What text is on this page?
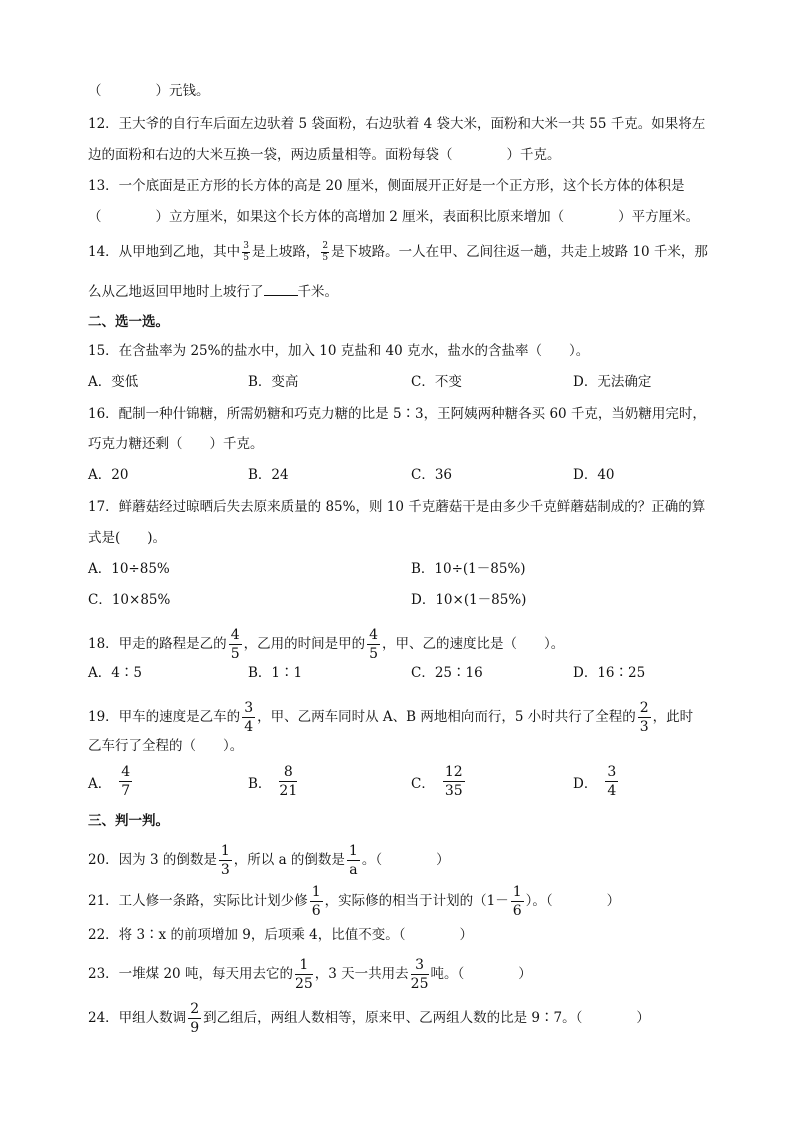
（　　　　）元钱。
12．王大爷的自行车后面左边驮着 5 袋面粉，右边驮着 4 袋大米，面粉和大米一共 55 千克。如果将左
边的面粉和右边的大米互换一袋，两边质量相等。面粉每袋（　　　　）千克。
13．一个底面是正方形的长方体的高是 20 厘米，侧面展开正好是一个正方形，这个长方体的体积是
（　　　　）立方厘米，如果这个长方体的高增加 2 厘米，表面积比原来增加（　　　　）平方厘米。
14．从甲地到乙地，其中 $\frac{3}{5}$ 是上坡路， $\frac{2}{5}$ 是下坡路。一人在甲、乙间往返一趟，共走上坡路 10 千米，那
么从乙地返回甲地时上坡行了	千米。
二、选一选。
15．在含盐率为 25%的盐水中，加入 10 克盐和 40 克水，盐水的含盐率（　　）。
A．变低	B．变高	C．不变	D．无法确定
16．配制一种什锦糖，所需奶糖和巧克力糖的比是 5∶3，王阿姨两种糖各买 60 千克，当奶糖用完时，
巧克力糖还剩（　　）千克。
A．20	B．24	C．36	D．40
17．鲜蘑菇经过晾晒后失去原来质量的 85%，则 10 千克蘑菇干是由多少千克鲜蘑菇制成的？正确的算
式是(　　)。
A．10÷85%	B．10÷(1－85%)
C．10×85%	D．10×(1－85%)
18．甲走的路程是乙的 $\frac{4}{5}$ ，乙用的时间是甲的 $\frac{4}{5}$ ，甲、乙的速度比是（　　）。
A．4∶5	B．1∶1	C．25∶16	D．16∶25
19．甲车的速度是乙车的 $\frac{3}{4}$ ，甲、乙两车同时从 A、B 两地相向而行，5 小时共行了全程的 $\frac{2}{3}$ ，此时
乙车行了全程的（　　）。
A． $\frac{4}{7}$	B． $\frac{8}{21}$	C． $\frac{12}{35}$	D． $\frac{3}{4}$
三、判一判。
20．因为 3 的倒数是 $\frac{1}{3}$ ，所以 a 的倒数是 $\frac{1}{a}$ 。（　　　　）
21．工人修一条路，实际比计划少修 $\frac{1}{6}$ ，实际修的相当于计划的（$1- \frac{1}{6}$ ）。（　　　　）
22．将 3∶x 的前项增加 9，后项乘 4，比值不变。（　　　　）
23．一堆煤 20 吨，每天用去它的 $\frac{1}{25}$ ，3 天一共用去 $\frac{3}{25}$ 吨。（　　　　）
24．甲组人数调 $\frac{2}{9}$ 到乙组后，两组人数相等，原来甲、乙两组人数的比是 9∶7。（　　　　）
